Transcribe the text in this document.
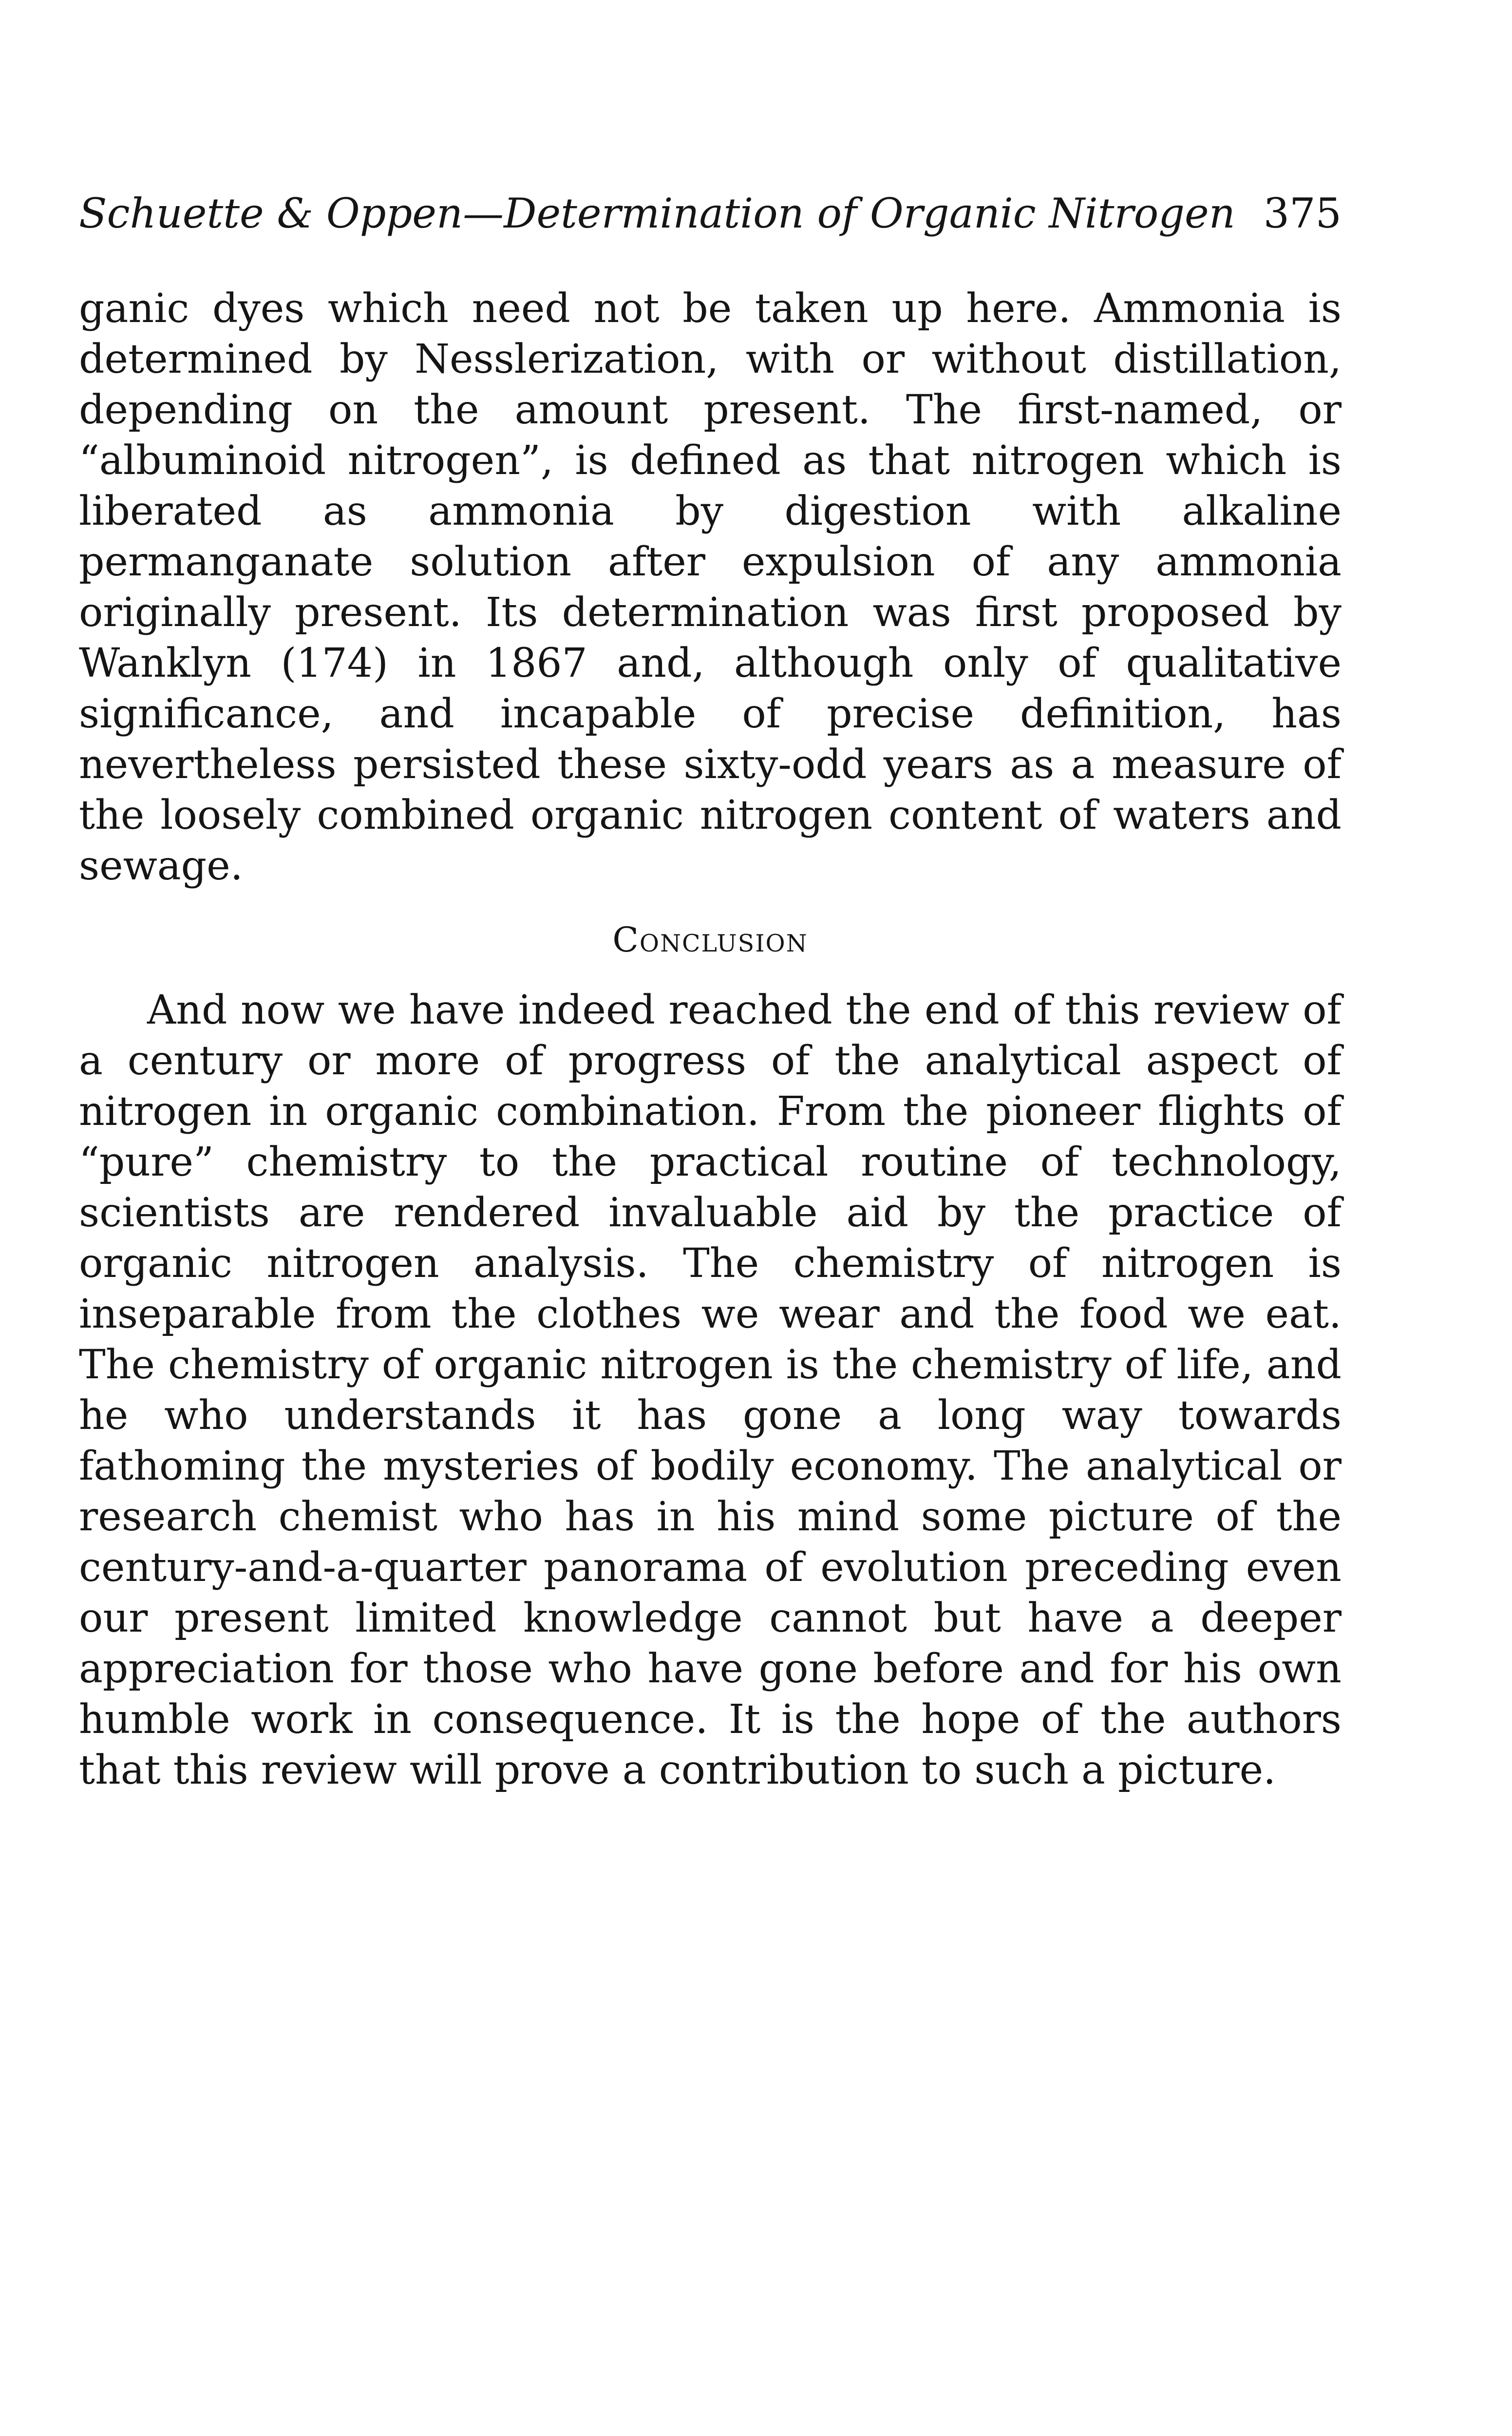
Schuette & Oppen—Determination of Organic Nitrogen 375

ganic dyes which need not be taken up here. Ammonia is determined by Nesslerization, with or without distillation, depending on the amount present. The first-named, or “albuminoid nitrogen”, is defined as that nitrogen which is liberated as ammonia by digestion with alkaline permanganate solution after expulsion of any ammonia originally present. Its determination was first proposed by Wanklyn (174) in 1867 and, although only of qualitative significance, and incapable of precise definition, has nevertheless persisted these sixty-odd years as a measure of the loosely combined organic nitrogen content of waters and sewage.

Conclusion

And now we have indeed reached the end of this review of a century or more of progress of the analytical aspect of nitrogen in organic combination. From the pioneer flights of “pure” chemistry to the practical routine of technology, scientists are rendered invaluable aid by the practice of organic nitrogen analysis. The chemistry of nitrogen is inseparable from the clothes we wear and the food we eat. The chemistry of organic nitrogen is the chemistry of life, and he who understands it has gone a long way towards fathoming the mysteries of bodily economy. The analytical or research chemist who has in his mind some picture of the century-and-a-quarter panorama of evolution preceding even our present limited knowledge cannot but have a deeper appreciation for those who have gone before and for his own humble work in consequence. It is the hope of the authors that this review will prove a contribution to such a picture.
